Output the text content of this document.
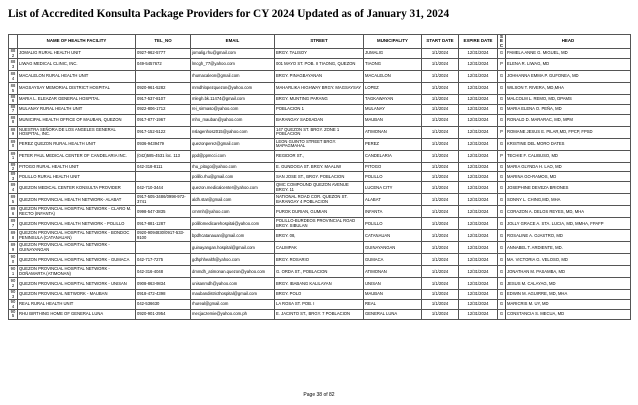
List of Accredited Konsulta Package Providers for CY 2024 Updated as of January 31, 2024
	NAME OF HEALTH FACILITY	TEL_NO	EMAIL	STREET	MUNICIPALITY	START DATE	EXPIRE DATE	SEC	HEAD
882	JOMALIG RURAL HEALTH UNIT	0927-962-5777	jomalig.rhu@gmail.com	BRGY. TALISOY	JUMALIG	1/1/2024	12/31/2024	G	PAMELA ANNE G. MIGUEL, MD
883	LIWAG MEDICAL CLINIC, INC.	049-5457672	lmcgh_77@yahoo.com	001 MAYO ST. POB. II TIAONG, QUEZON	TIAONG	1/1/2024	12/31/2024	P	ELENA R. LIWAG, MD
884	MACALELON RURAL HEALTH UNIT		rhumacaleon@gmail.com	BRGY. PINAGBAYANAN	MACALELON	1/1/2024	12/31/2024	G	JOHHANNA EMMA P. GUFONEA, MD
885	MAGSAYSAY MEMORIAL DISTRICT HOSPITAL	0920-961-5282	mmdhlopezquezon@yahoo.com	MAHARLIKA HIGHWAY BRGY. MAGSAYSAY	LOPEZ	1/1/2024	12/31/2024	G	WILSON T. RIVERA, MD,MHA
886	MARIA L. ELEAZAR GENERAL HOSPITAL	0917-537-8107	mlegh.bk.11474@gmail.com	BRGY. MUNTING PARANG	TAGKAWAYAN	1/1/2024	12/31/2024	G	MALCOLM L. REMO, MD, DPAMS
887	MULANAY RURAL HEALTH UNIT	0922-806-1712	rei_sirmaso@yahoo.com	POBLACION 1	MULANAY	1/1/2024	12/31/2024	G	MARIA ELENA O. PEÑA, MD
888	MUNICIPAL HEALTH OFFICE OF MAUBAN, QUEZON	0917-877-1967	mho_mauban@yahoo.com	BARANGAY SADSADAN	MAUBAN	1/1/2024	12/31/2024	G	RONALD D. MARARAC, MD, MPM
889	NUESTRA SEÑORA DE LOS ANGELES GENERAL HOSPITAL, INC.	0917-152-5122	nslagenhos2015@yahoo.com	147 QUEZON ST. BRGY. ZONE 1 POBLACION	ATIMONAN	1/1/2024	12/31/2024	P	ROMANE JESUS E. PILAR,MD, FPCP, FPSD
890	PEREZ QUEZON RURAL HEALTH UNIT	0936-9439479	quezonperez@gmail.com	LEON GUINTO STREET BRGY. MAPAGMAHAL	PEREZ	1/1/2024	12/31/2024	G	KRISTINE DEL MORO DATES
891	PETER PAUL MEDICAL CENTER OF CANDELARIA INC.	(042)585-4531 loc. 113	ppd@ppmcci.com	REGIDOR ST.,	CANDELARIA	1/1/2024	12/31/2024	P	TECHIE F. CALIBUSO, MD
892	PITOGO RURAL HEALTH UNIT	042-318-8111	rhu_pitogo@yahoo.com	E. GUNDOGA ST. BRGY. MAALIW	PITOGO	1/1/2024	12/31/2024	G	MARIA GLYNDA H. LAO, MD
893	POLILLO RURAL HEALTH UNIT		polillo.rhu@gmail.com	SAN JOSE ST., BRGY. POBLACION	POLILLO	1/1/2024	12/31/2024	G	MARINA GO-RAMOS, MD
894	QUEZON MEDICAL CENTER KONSULTA PROVIDER	042-710-3444	quezon.medicalcenter@yahoo.com	QMC COMPOUND QUEZON AVENUE BRGY. 11	LUCENA CITY	1/1/2024	12/31/2024	G	JOSEPHINE DEVEZA BRIONES
895	QUEZON PROVINCIAL HEALTH NETWORK- ALABAT	0917-505-3486/0998-972-3741	aldh.star@gmail.com	NATIONAL ROAD COR. QUEZON ST. BARANGAY 4 POBLACION	ALABAT	1/1/2024	12/31/2024	G	SONNY L. CHING,MD, MHA
896	QUEZON PROVINCIAL HOSPITAL NETWORK - CLARO M. RECTO (INFANTA)	0998-547-3835	cmrmh@yahoo.com	PUROK DURIAN, GUMIAN	INFANTA	1/1/2024	12/31/2024	G	CORAZON A. DELOS REYES, MD, MHA
897	QUEZON PROVINCIAL HEALTH NETWORK - POLILLO	0917-881-1287	polillomedicarehospital@yahoo.com	POLILLO-BURDEOS PROVINCIAL ROAD BRGY. SIBULAN	POLILLO	1/1/2024	12/31/2024	G	JOLLY GRACE A. STA. LUCIA, MD, MMHA, FPAFP
898	QUEZON PROVINCIAL HOSPITAL NETWORK - BONDOC PENINSULA (CATANAUAN)	0920-9094830/0917-533-9100	bpdhcatanauan@gmail.com	BRGY. 08,	CATANAUAN	1/1/2024	12/31/2024	G	ROSALINE A. OJASTRO, MD
899	QUEZON PROVINCIAL HOSPITAL NETWORK - GUINAYANGAN		guinayangan.hospital@gmail.com	CALIMPAK	GUINAYANGAN	1/1/2024	12/31/2024	G	ANNABEL T. ARDIENTE, MD.
900	QUEZON PROVINCIAL HOSPITAL NETWORK - GUMACA	042-717-7275	gdhphhealth@yahoo.com	BRGY. ROSARIO	GUMACA	1/1/2024	12/31/2024	G	MA. VICTORIA G. VELOSO, MD
901	QUEZON PROVINCIAL HOSPITAL NETWORK - DOÑAMARTA (ATIMONAN)	042-316-4048	dmmdh_atimonan.quezon@yahoo.com	G. ORDA ST., POBLACION	ATIMONAN	1/1/2024	12/31/2024	G	JONATHAN M. PASAMBA, MD
902	QUEZON PROVINCIAL HOSPITAL NETWORK - UNISAN	0908-863-9834	unisanmdh@yahoo.com	BRGY. IBABANG KALILAYAN	UNISAN	1/1/2024	12/31/2024	G	JESUS M. CALAYAG, MD
903	QUEZON PROVINCIAL NETWORK - MAUBAN	0918-472-4398	maubandistricthospital@gmail.com	BRGY. POLO	MAUBAN	1/1/2024	12/31/2024	G	EDWIN M. AGUIRRE, MD, MHA
904	REAL RURAL HEALTH UNIT	042-536630	rhureal@gmail.com	LA ROSA ST. POB. I	REAL	1/1/2024	12/31/2024	G	MARICRIS M. UY, MD
905	RHU BIRTHING HOME OF GENERAL LUNA	0920-901-2954	mecjaczemie@yahoo.com.ph	E. JACINTO ST., BRGY. 7 POBLACION	GENERAL LUNA	1/1/2024	12/31/2024	G	CONSTANCIA S. MECUA, MD
Page 38 of 82
